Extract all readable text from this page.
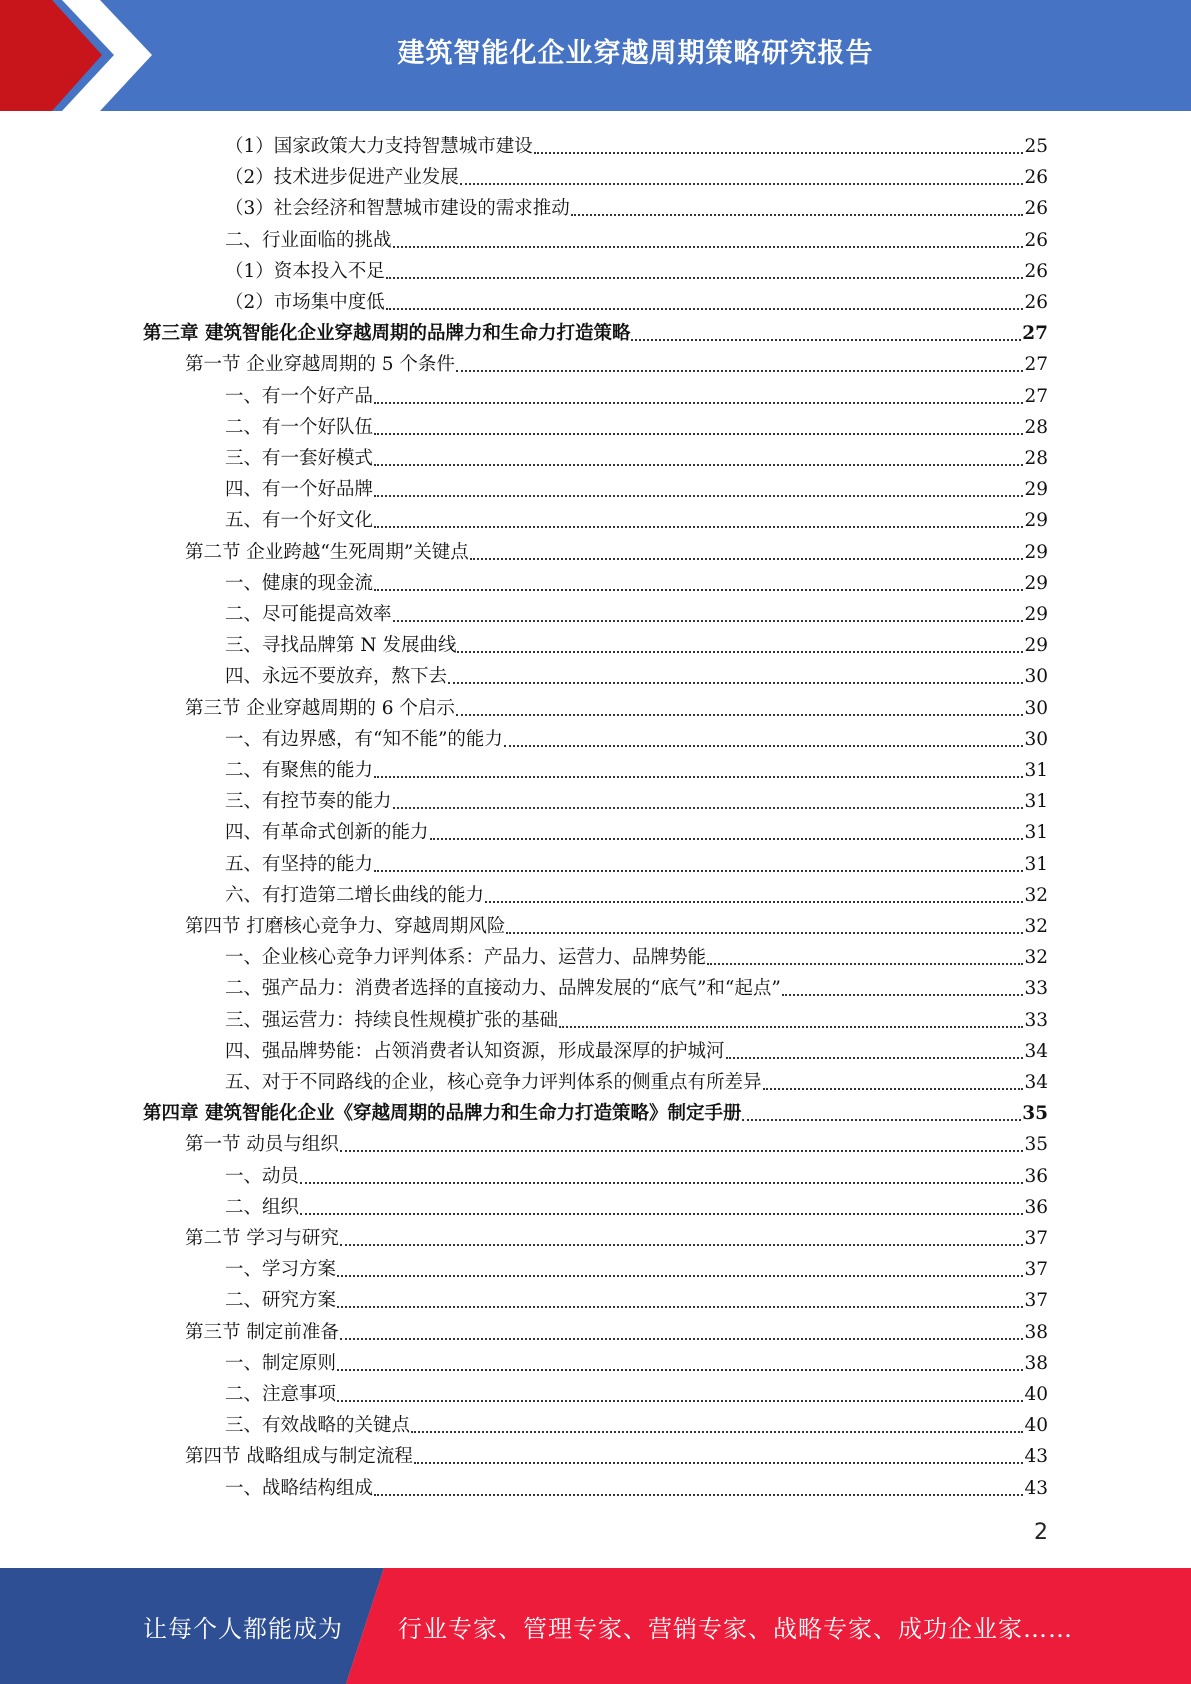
建筑智能化企业穿越周期策略研究报告
（1）国家政策大力支持智慧城市建设	25
（2）技术进步促进产业发展	26
（3）社会经济和智慧城市建设的需求推动	26
二、行业面临的挑战	26
（1）资本投入不足	26
（2）市场集中度低	26
第三章 建筑智能化企业穿越周期的品牌力和生命力打造策略	27
第一节 企业穿越周期的 5 个条件	27
一、有一个好产品	27
二、有一个好队伍	28
三、有一套好模式	28
四、有一个好品牌	29
五、有一个好文化	29
第二节 企业跨越“生死周期”关键点	29
一、健康的现金流	29
二、尽可能提高效率	29
三、寻找品牌第 N 发展曲线	29
四、永远不要放弃，熬下去	30
第三节 企业穿越周期的 6 个启示	30
一、有边界感，有“知不能”的能力	30
二、有聚焦的能力	31
三、有控节奏的能力	31
四、有革命式创新的能力	31
五、有坚持的能力	31
六、有打造第二增长曲线的能力	32
第四节 打磨核心竞争力、穿越周期风险	32
一、企业核心竞争力评判体系：产品力、运营力、品牌势能	32
二、强产品力：消费者选择的直接动力、品牌发展的“底气”和“起点”	33
三、强运营力：持续良性规模扩张的基础	33
四、强品牌势能：占领消费者认知资源，形成最深厚的护城河	34
五、对于不同路线的企业，核心竞争力评判体系的侧重点有所差异	34
第四章 建筑智能化企业《穿越周期的品牌力和生命力打造策略》制定手册	35
第一节 动员与组织	35
一、动员	36
二、组织	36
第二节 学习与研究	37
一、学习方案	37
二、研究方案	37
第三节 制定前准备	38
一、制定原则	38
二、注意事项	40
三、有效战略的关键点	40
第四节 战略组成与制定流程	43
一、战略结构组成	43
2
让每个人都能成为 行业专家、管理专家、营销专家、战略专家、成功企业家……
